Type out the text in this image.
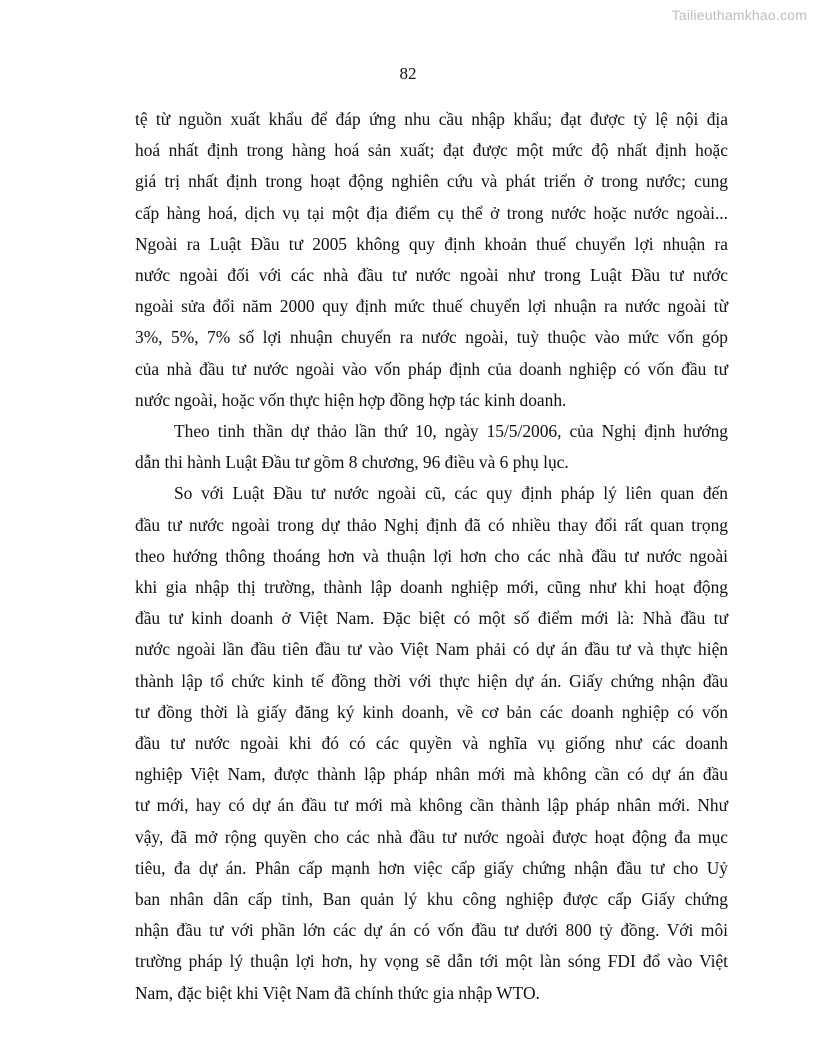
Tailieuthamkhao.com
82
tệ từ nguồn xuất khẩu để đáp ứng nhu cầu nhập khẩu; đạt được tỷ lệ nội địa
hoá nhất định trong hàng hoá sản xuất; đạt được một mức độ nhất định hoặc
giá trị nhất định trong hoạt động nghiên cứu và phát triển ở trong nước; cung
cấp hàng hoá, dịch vụ tại một địa điểm cụ thể ở trong nước hoặc nước ngoài...
Ngoài ra Luật Đầu tư 2005 không quy định khoản thuế chuyển lợi nhuận ra
nước ngoài đối với các nhà đầu tư nước ngoài như trong Luật Đầu tư nước
ngoài sửa đổi năm 2000 quy định mức thuế chuyển lợi nhuận ra nước ngoài từ
3%, 5%, 7% số lợi nhuận chuyển ra nước ngoài, tuỳ thuộc vào mức vốn góp
của nhà đầu tư nước ngoài vào vốn pháp định của doanh nghiệp có vốn đầu tư
nước ngoài, hoặc vốn thực hiện hợp đồng hợp tác kinh doanh.
Theo tinh thần dự thảo lần thứ 10, ngày 15/5/2006, của Nghị định hướng
dẫn thi hành Luật Đầu tư gồm 8 chương, 96 điều và 6 phụ lục.
So với Luật Đầu tư nước ngoài cũ, các quy định pháp lý liên quan đến
đầu tư nước ngoài trong dự thảo Nghị định đã có nhiều thay đổi rất quan trọng
theo hướng thông thoáng hơn và thuận lợi hơn cho các nhà đầu tư nước ngoài
khi gia nhập thị trường, thành lập doanh nghiệp mới, cũng như khi hoạt động
đầu tư kinh doanh ở Việt Nam. Đặc biệt có một số điểm mới là: Nhà đầu tư
nước ngoài lần đầu tiên đầu tư vào Việt Nam phải có dự án đầu tư và thực hiện
thành lập tổ chức kinh tế đồng thời với thực hiện dự án. Giấy chứng nhận đầu
tư đồng thời là giấy đăng ký kinh doanh, về cơ bản các doanh nghiệp có vốn
đầu tư nước ngoài khi đó có các quyền và nghĩa vụ giống như các doanh
nghiệp Việt Nam, được thành lập pháp nhân mới mà không cần có dự án đầu
tư mới, hay có dự án đầu tư mới mà không cần thành lập pháp nhân mới. Như
vậy, đã mở rộng quyền cho các nhà đầu tư nước ngoài được hoạt động đa mục
tiêu, đa dự án. Phân cấp mạnh hơn việc cấp giấy chứng nhận đầu tư cho Uỷ
ban nhân dân cấp tỉnh, Ban quản lý khu công nghiệp được cấp Giấy chứng
nhận đầu tư với phần lớn các dự án có vốn đầu tư dưới 800 tỷ đồng. Với môi
trường pháp lý thuận lợi hơn, hy vọng sẽ dẫn tới một làn sóng FDI đổ vào Việt
Nam, đặc biệt khi Việt Nam đã chính thức gia nhập WTO.
